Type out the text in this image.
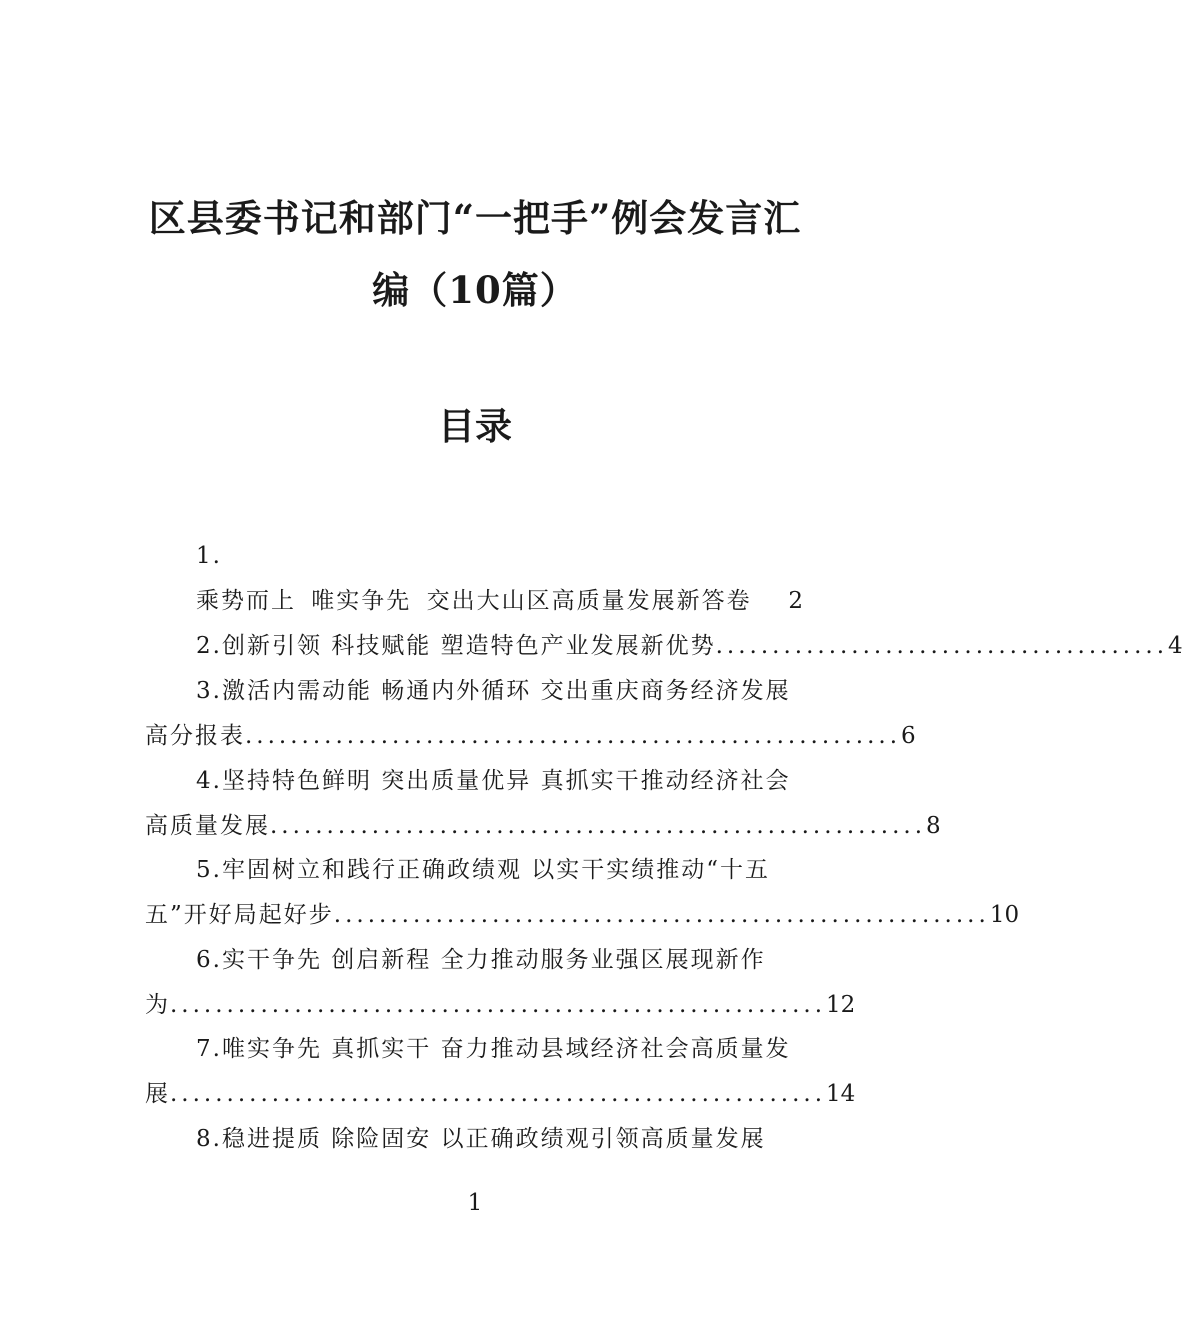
区县委书记和部门“一把手”例会发言汇
编（10篇）
目录
1.
乘势而上 唯实争先 交出大山区高质量发展新答卷 2
2.创新引领 科技赋能 塑造特色产业发展新优势 ........................................ 4
3.激活内需动能 畅通内外循环 交出重庆商务经济发展
高分报表 .......................................................... 6
4.坚持特色鲜明 突出质量优异 真抓实干推动经济社会
高质量发展 .......................................................... 8
5.牢固树立和践行正确政绩观 以实干实绩推动“十五
五”开好局起好步 .......................................................... 10
6.实干争先 创启新程 全力推动服务业强区展现新作
为 .......................................................... 12
7.唯实争先 真抓实干 奋力推动县域经济社会高质量发
展 .......................................................... 14
8.稳进提质 除险固安 以正确政绩观引领高质量发展
1
